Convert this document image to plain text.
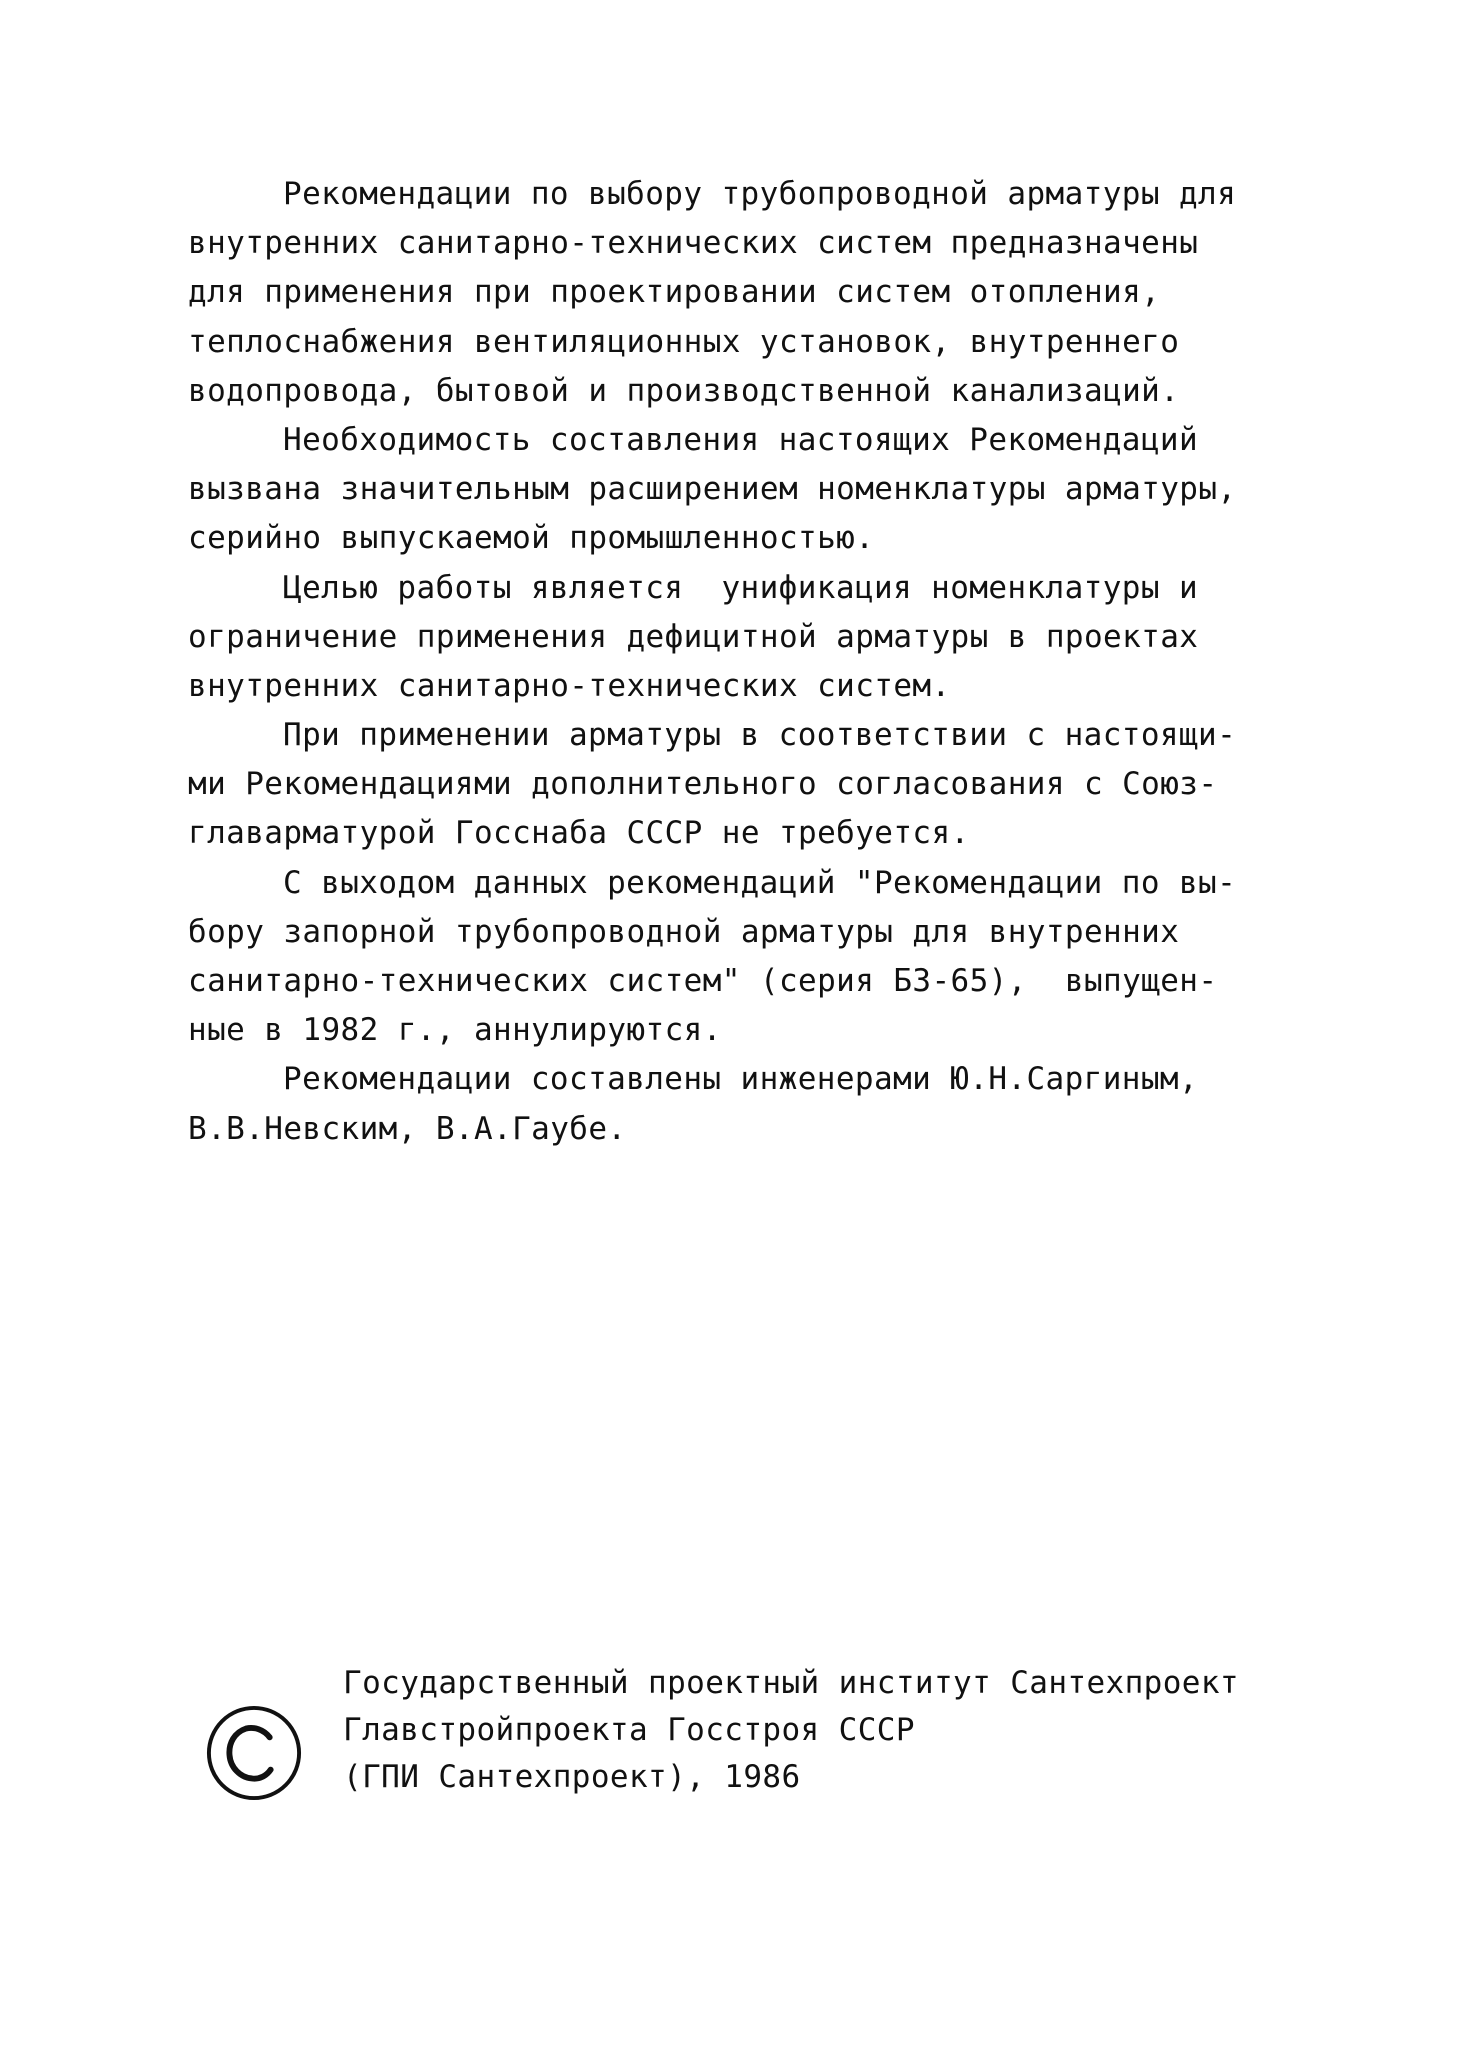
Рекомендации по выбору трубопроводной арматуры для
внутренних санитарно-технических систем предназначены
для применения при проектировании систем отопления,
теплоснабжения вентиляционных установок, внутреннего
водопровода, бытовой и производственной канализаций.
Необходимость составления настоящих Рекомендаций
вызвана значительным расширением номенклатуры арматуры,
серийно выпускаемой промышленностью.
Целью работы является  унификация номенклатуры и
ограничение применения дефицитной арматуры в проектах
внутренних санитарно-технических систем.
При применении арматуры в соответствии с настоящи-
ми Рекомендациями дополнительного согласования с Союз-
главарматурой Госснаба СССР не требуется.
С выходом данных рекомендаций "Рекомендации по вы-
бору запорной трубопроводной арматуры для внутренних
санитарно-технических систем" (серия БЗ-65),  выпущен-
ные в 1982 г., аннулируются.
Рекомендации составлены инженерами Ю.Н.Саргиным,
В.В.Невским, В.А.Гаубе.
Государственный проектный институт Сантехпроект
Главстройпроекта Госстроя СССР
(ГПИ Сантехпроект), 1986
